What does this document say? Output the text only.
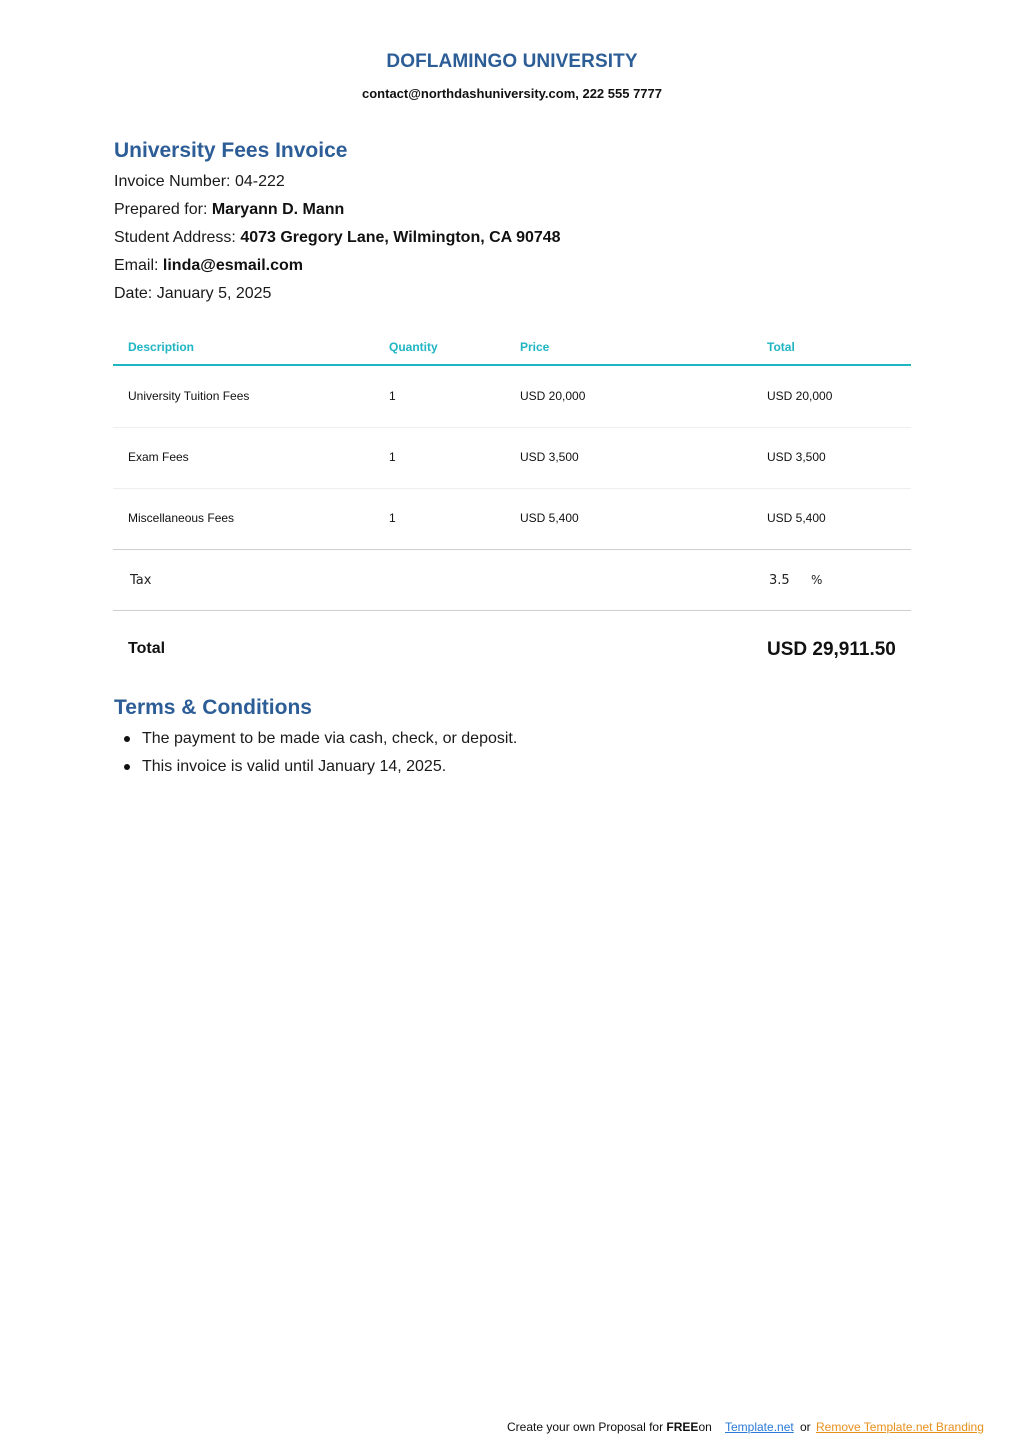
DOFLAMINGO UNIVERSITY
contact@northdashuniversity.com, 222 555 7777
University Fees Invoice
Invoice Number: 04-222
Prepared for: Maryann D. Mann
Student Address: 4073 Gregory Lane, Wilmington, CA 90748
Email: linda@esmail.com
Date: January 5, 2025
Description	Quantity	Price	Total
University Tuition Fees	1	USD 20,000	USD 20,000
Exam Fees	1	USD 3,500	USD 3,500
Miscellaneous Fees	1	USD 5,400	USD 5,400
Tax	3.5 %
Total	USD 29,911.50
Terms & Conditions
The payment to be made via cash, check, or deposit.
This invoice is valid until January 14, 2025.
Create your own Proposal for FREEon Template.net or Remove Template.net Branding
